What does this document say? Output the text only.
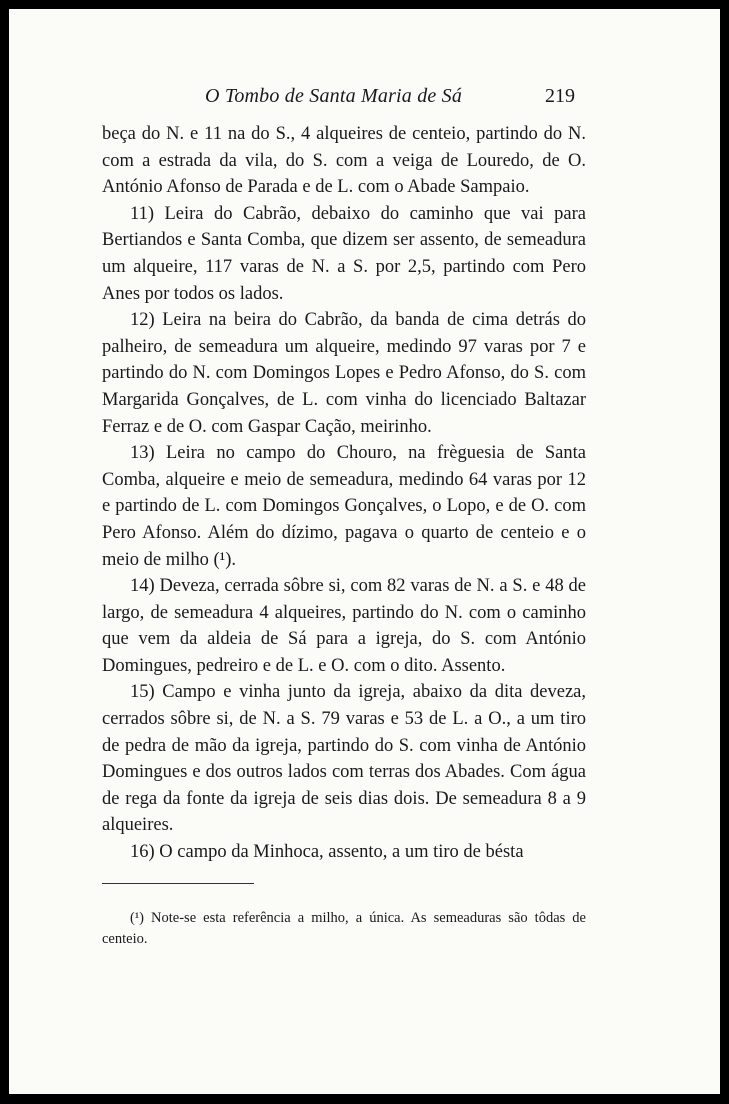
O Tombo de Santa Maria de Sá	219

beça do N. e 11 na do S., 4 alqueires de centeio, partindo do N. com a estrada da vila, do S. com a veiga de Louredo, de O. António Afonso de Parada e de L. com o Abade Sampaio.

11) Leira do Cabrão, debaixo do caminho que vai para Bertiandos e Santa Comba, que dizem ser assento, de semeadura um alqueire, 117 varas de N. a S. por 2,5, partindo com Pero Anes por todos os lados.

12) Leira na beira do Cabrão, da banda de cima detrás do palheiro, de semeadura um alqueire, medindo 97 varas por 7 e partindo do N. com Domingos Lopes e Pedro Afonso, do S. com Margarida Gonçalves, de L. com vinha do licenciado Baltazar Ferraz e de O. com Gaspar Cação, meirinho.

13) Leira no campo do Chouro, na frèguesia de Santa Comba, alqueire e meio de semeadura, medindo 64 varas por 12 e partindo de L. com Domingos Gonçalves, o Lopo, e de O. com Pero Afonso. Além do dízimo, pagava o quarto de centeio e o meio de milho (¹).

14) Deveza, cerrada sôbre si, com 82 varas de N. a S. e 48 de largo, de semeadura 4 alqueires, partindo do N. com o caminho que vem da aldeia de Sá para a igreja, do S. com António Domingues, pedreiro e de L. e O. com o dito. Assento.

15) Campo e vinha junto da igreja, abaixo da dita deveza, cerrados sôbre si, de N. a S. 79 varas e 53 de L. a O., a um tiro de pedra de mão da igreja, partindo do S. com vinha de António Domingues e dos outros lados com terras dos Abades. Com água de rega da fonte da igreja de seis dias dois. De semeadura 8 a 9 alqueires.

16) O campo da Minhoca, assento, a um tiro de bésta

(¹) Note-se esta referência a milho, a única. As semeaduras são tôdas de centeio.
